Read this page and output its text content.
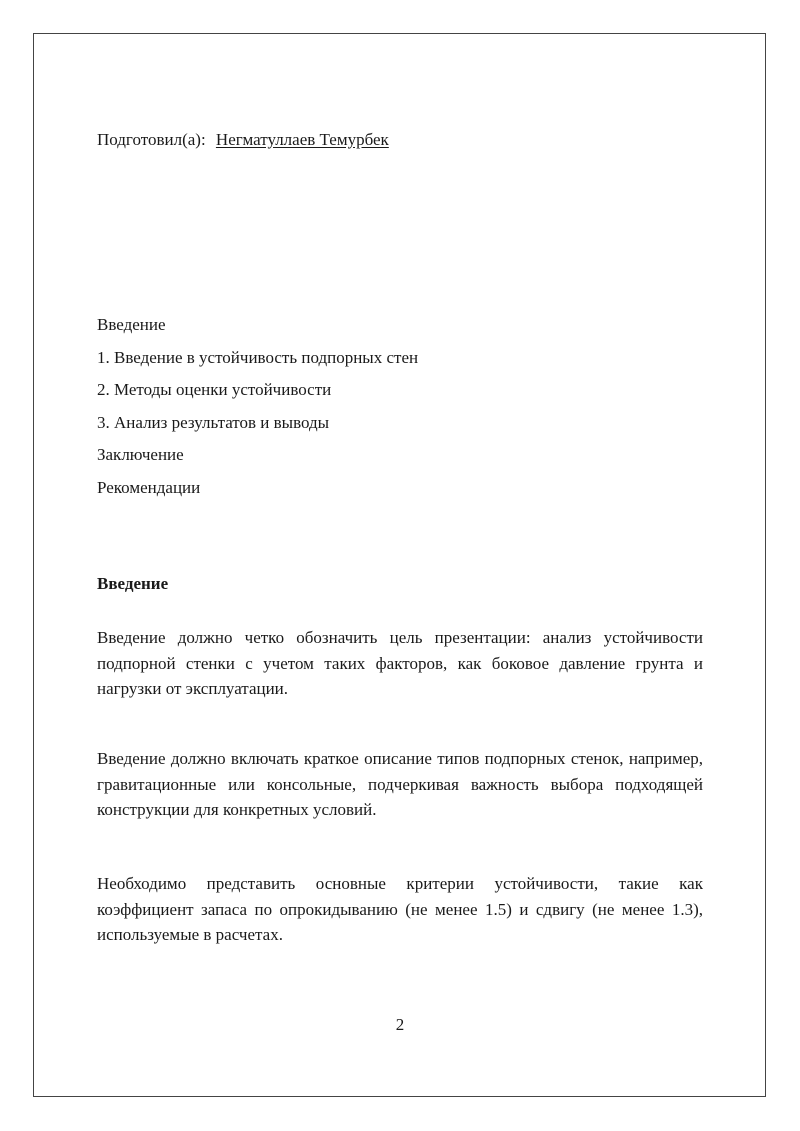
Подготовил(а): Негматуллаев Темурбек
Введение
1. Введение в устойчивость подпорных стен
2. Методы оценки устойчивости
3. Анализ результатов и выводы
Заключение
Рекомендации
Введение

Введение должно четко обозначить цель презентации: анализ устойчивости подпорной стенки с учетом таких факторов, как боковое давление грунта и нагрузки от эксплуатации.

Введение должно включать краткое описание типов подпорных стенок, например, гравитационные или консольные, подчеркивая важность выбора подходящей конструкции для конкретных условий.

Необходимо представить основные критерии устойчивости, такие как коэффициент запаса по опрокидыванию (не менее 1.5) и сдвигу (не менее 1.3), используемые в расчетах.

2
